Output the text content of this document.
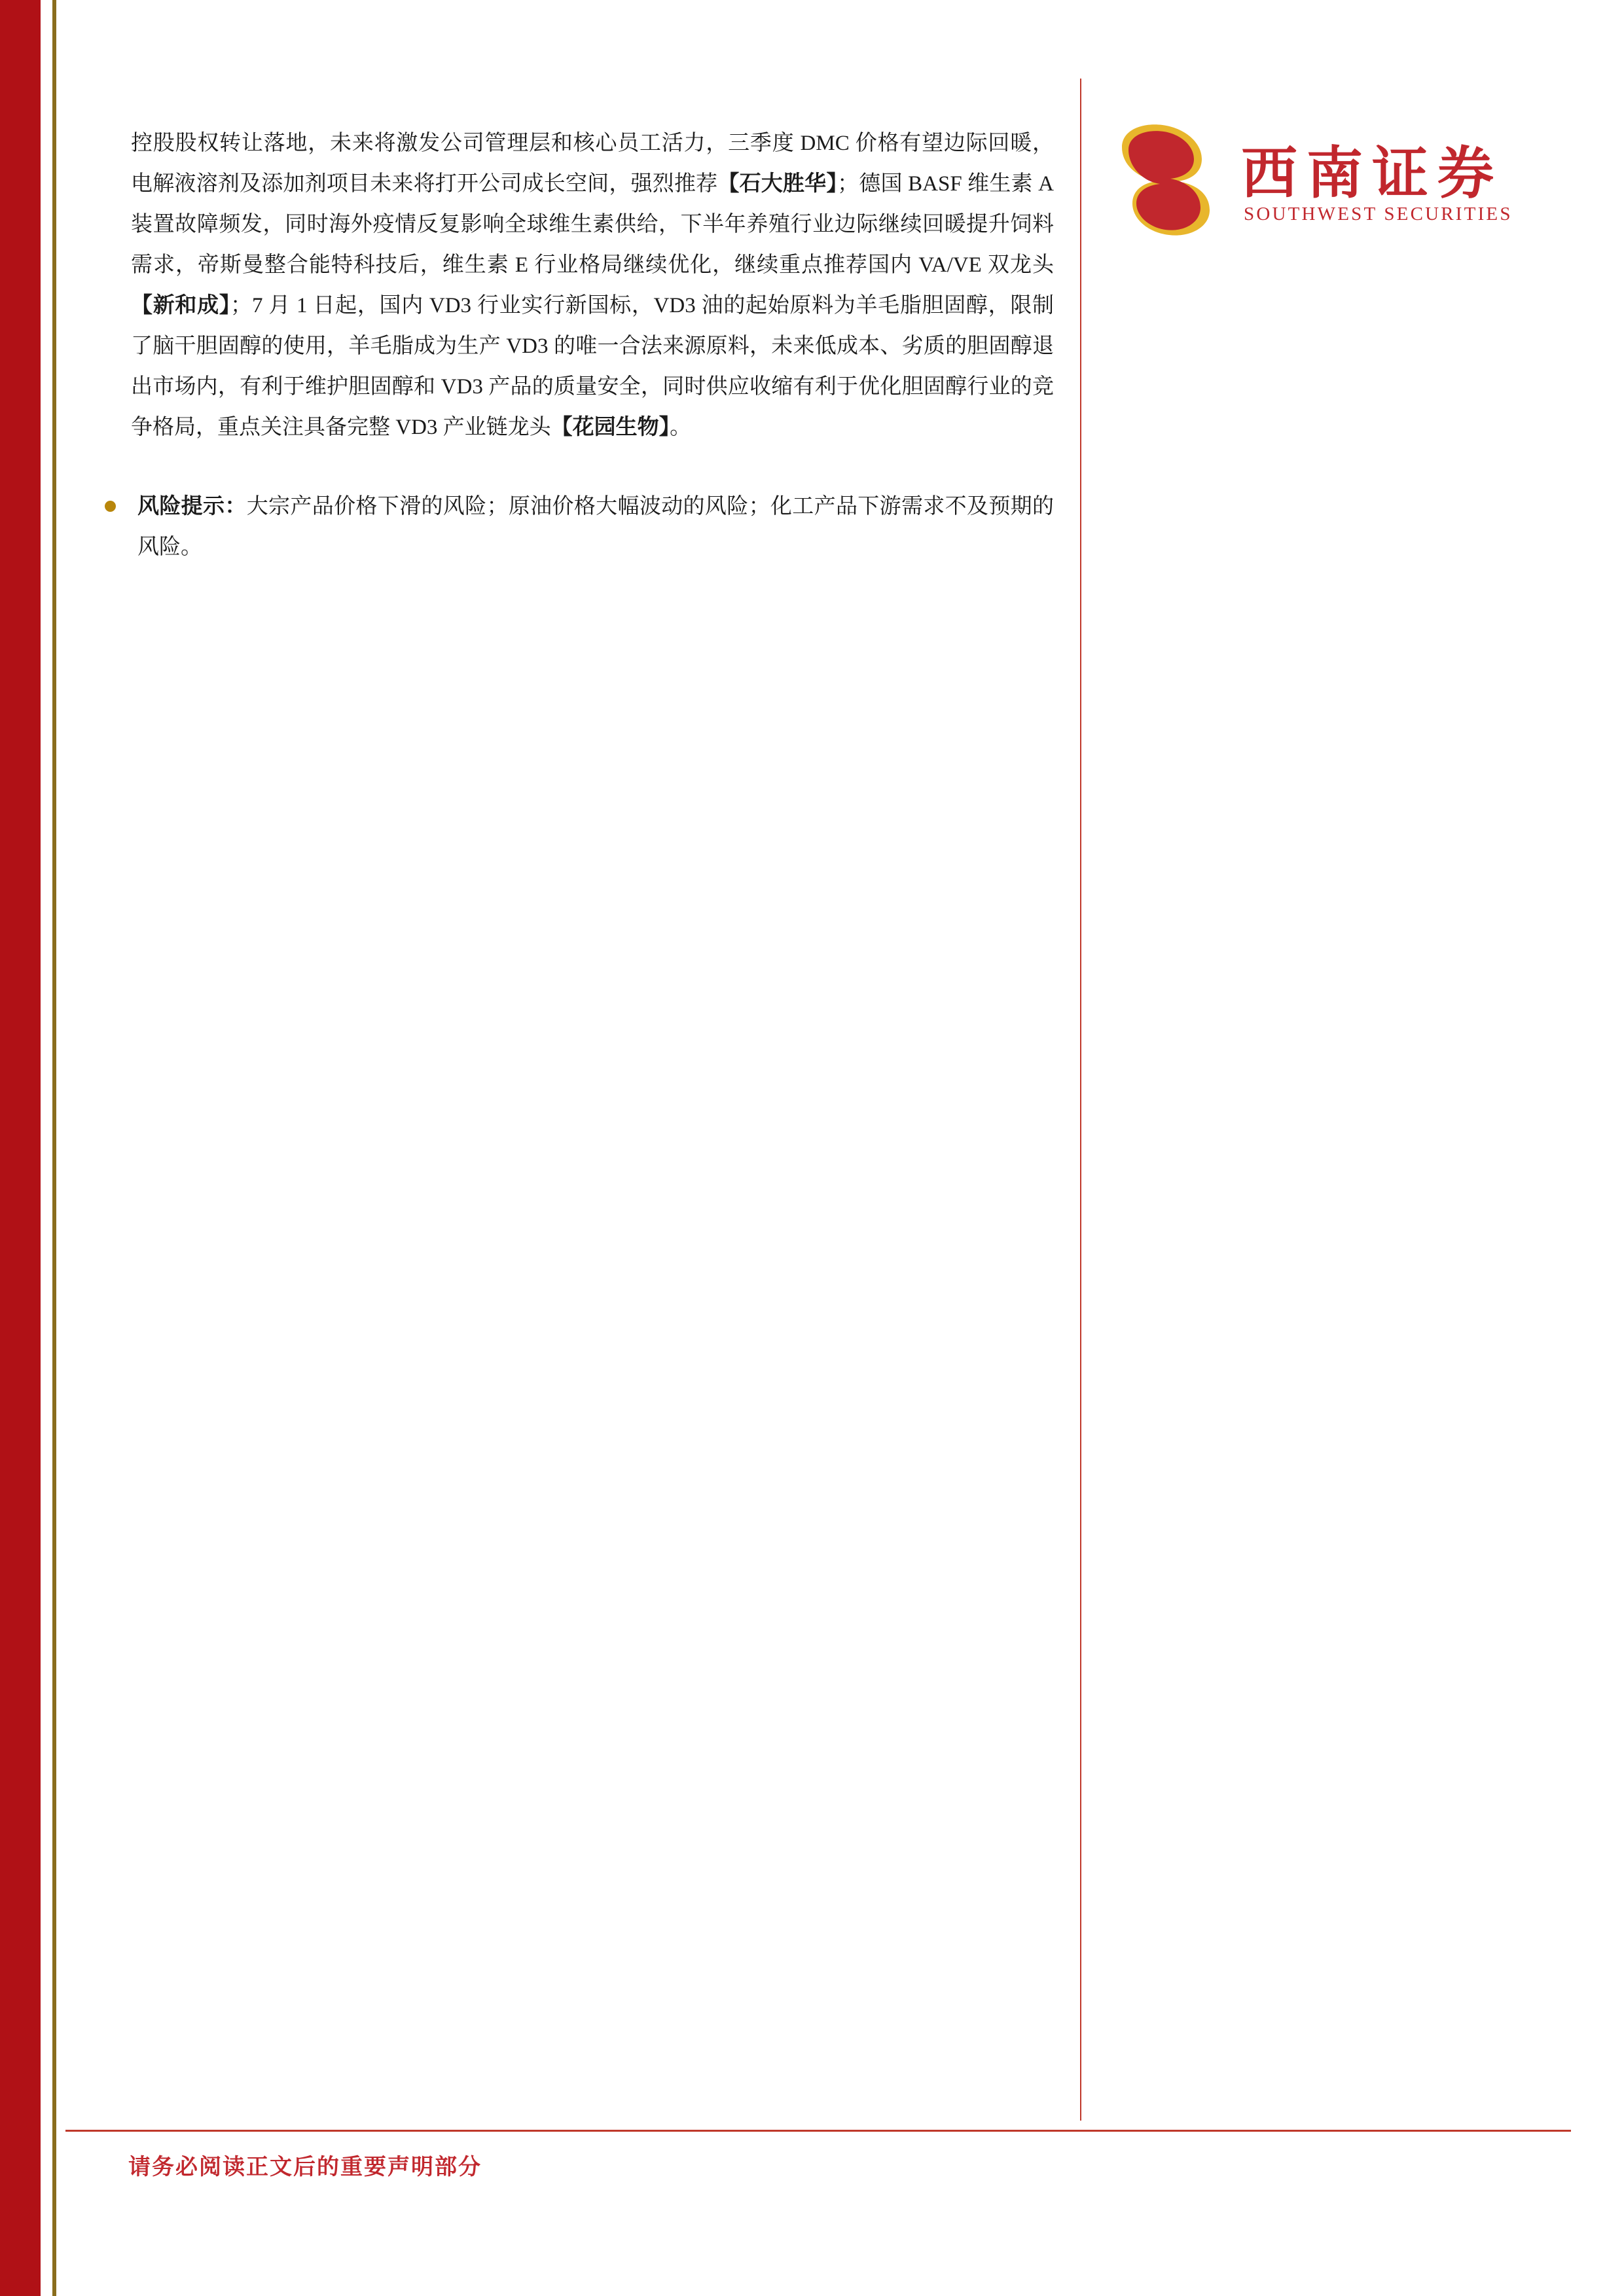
西南证券
SOUTHWEST SECURITIES

控股股权转让落地，未来将激发公司管理层和核心员工活力，三季度 DMC 价格有望边际回暖，电解液溶剂及添加剂项目未来将打开公司成长空间，强烈推荐【石大胜华】；德国 BASF 维生素 A 装置故障频发，同时海外疫情反复影响全球维生素供给，下半年养殖行业边际继续回暖提升饲料需求，帝斯曼整合能特科技后，维生素 E 行业格局继续优化，继续重点推荐国内 VA/VE 双龙头【新和成】；7 月 1 日起，国内 VD3 行业实行新国标，VD3 油的起始原料为羊毛脂胆固醇，限制了脑干胆固醇的使用，羊毛脂成为生产 VD3 的唯一合法来源原料，未来低成本、劣质的胆固醇退出市场内，有利于维护胆固醇和 VD3 产品的质量安全，同时供应收缩有利于优化胆固醇行业的竞争格局，重点关注具备完整 VD3 产业链龙头【花园生物】。

风险提示：大宗产品价格下滑的风险；原油价格大幅波动的风险；化工产品下游需求不及预期的风险。
请务必阅读正文后的重要声明部分
